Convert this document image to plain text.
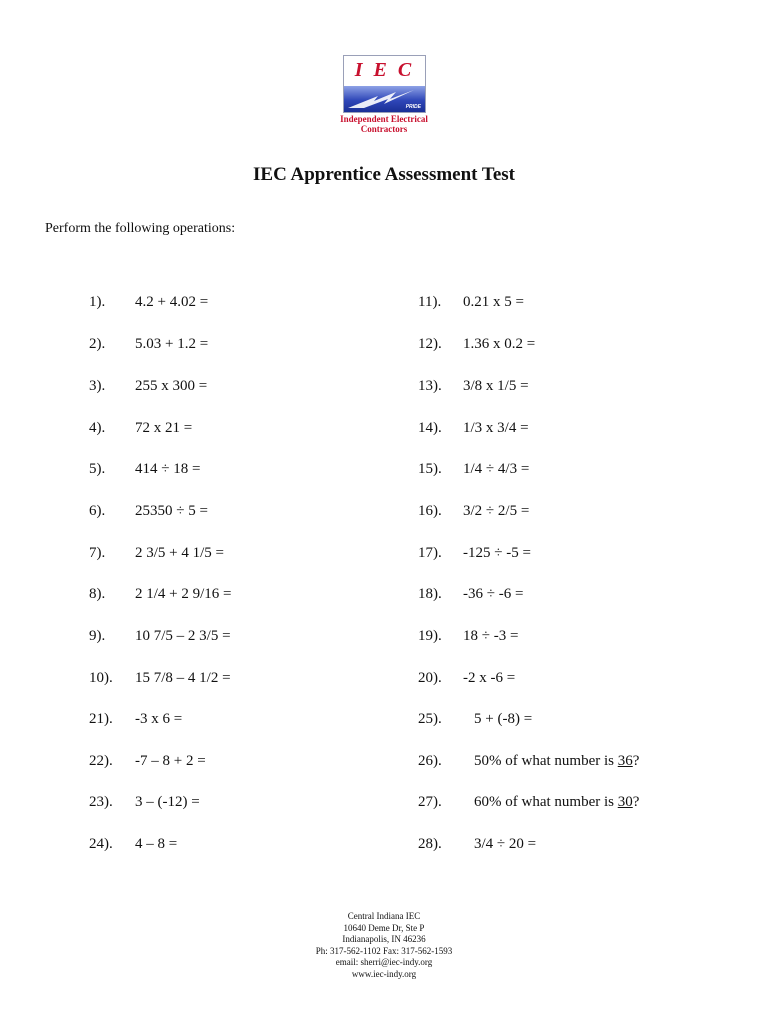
I E C
PRIDE
Independent Electrical
Contractors
IEC Apprentice Assessment Test
Perform the following operations:
1). 4.2 + 4.02 =
2). 5.03 + 1.2 =
3). 255 x 300 =
4). 72 x 21 =
5). 414 ÷ 18 =
6). 25350 ÷ 5 =
7). 2 3/5 + 4 1/5 =
8). 2 1/4 + 2 9/16 =
9). 10 7/5 – 2 3/5 =
10). 15 7/8 – 4 1/2 =
21). -3 x 6 =
22). -7 – 8 + 2 =
23). 3 – (-12) =
24). 4 – 8 =
11). 0.21 x 5 =
12). 1.36 x 0.2 =
13). 3/8 x 1/5 =
14). 1/3 x 3/4 =
15). 1/4 ÷ 4/3 =
16). 3/2 ÷ 2/5 =
17). -125 ÷ -5 =
18). -36 ÷ -6 =
19). 18 ÷ -3 =
20). -2 x -6 =
25). 5 + (-8) =
26). 50% of what number is 36?
27). 60% of what number is 30?
28). 3/4 ÷ 20 =
Central Indiana IEC
10640 Deme Dr, Ste P
Indianapolis, IN 46236
Ph: 317-562-1102 Fax: 317-562-1593
email: sherri@iec-indy.org
www.iec-indy.org
